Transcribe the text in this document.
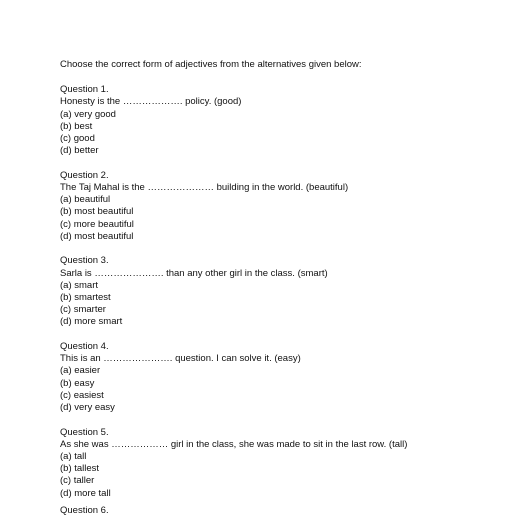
Choose the correct form of adjectives from the alternatives given below:
Question 1.
Honesty is the ………………. policy. (good)
(a) very good
(b) best
(c) good
(d) better
Question 2.
The Taj Mahal is the ………………… building in the world. (beautiful)
(a) beautiful
(b) most beautiful
(c) more beautiful
(d) most beautiful
Question 3.
Sarla is …………………. than any other girl in the class. (smart)
(a) smart
(b) smartest
(c) smarter
(d) more smart
Question 4.
This is an …………………. question. I can solve it. (easy)
(a) easier
(b) easy
(c) easiest
(d) very easy
Question 5.
As she was ……………… girl in the class, she was made to sit in the last row. (tall)
(a) tall
(b) tallest
(c) taller
(d) more tall
Question 6.
